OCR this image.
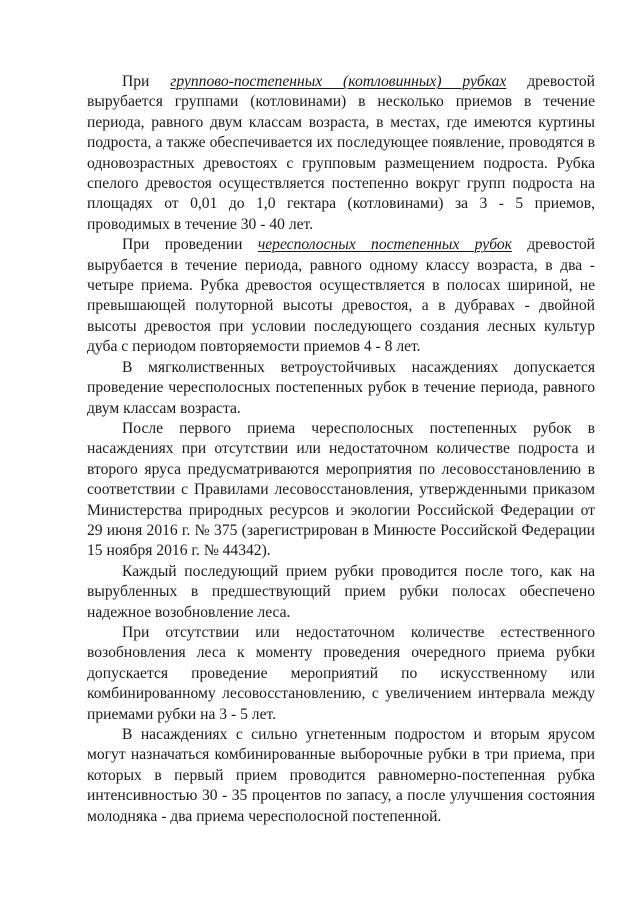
При группово-постепенных (котловинных) рубках древостой вырубается группами (котловинами) в несколько приемов в течение периода, равного двум классам возраста, в местах, где имеются куртины подроста, а также обеспечивается их последующее появление, проводятся в одновозрастных древостоях с групповым размещением подроста. Рубка спелого древостоя осуществляется постепенно вокруг групп подроста на площадях от 0,01 до 1,0 гектара (котловинами) за 3 - 5 приемов, проводимых в течение 30 - 40 лет.

При проведении чересполосных постепенных рубок древостой вырубается в течение периода, равного одному классу возраста, в два - четыре приема. Рубка древостоя осуществляется в полосах шириной, не превышающей полуторной высоты древостоя, а в дубравах - двойной высоты древостоя при условии последующего создания лесных культур дуба с периодом повторяемости приемов 4 - 8 лет.

В мягколиственных ветроустойчивых насаждениях допускается проведение чересполосных постепенных рубок в течение периода, равного двум классам возраста.

После первого приема чересполосных постепенных рубок в насаждениях при отсутствии или недостаточном количестве подроста и второго яруса предусматриваются мероприятия по лесовосстановлению в соответствии с Правилами лесовосстановления, утвержденными приказом Министерства природных ресурсов и экологии Российской Федерации от 29 июня 2016 г. № 375 (зарегистрирован в Минюсте Российской Федерации 15 ноября 2016 г. № 44342).

Каждый последующий прием рубки проводится после того, как на вырубленных в предшествующий прием рубки полосах обеспечено надежное возобновление леса.

При отсутствии или недостаточном количестве естественного возобновления леса к моменту проведения очередного приема рубки допускается проведение мероприятий по искусственному или комбинированному лесовосстановлению, с увеличением интервала между приемами рубки на 3 - 5 лет.

В насаждениях с сильно угнетенным подростом и вторым ярусом могут назначаться комбинированные выборочные рубки в три приема, при которых в первый прием проводится равномерно-постепенная рубка интенсивностью 30 - 35 процентов по запасу, а после улучшения состояния молодняка - два приема чересполосной постепенной.
